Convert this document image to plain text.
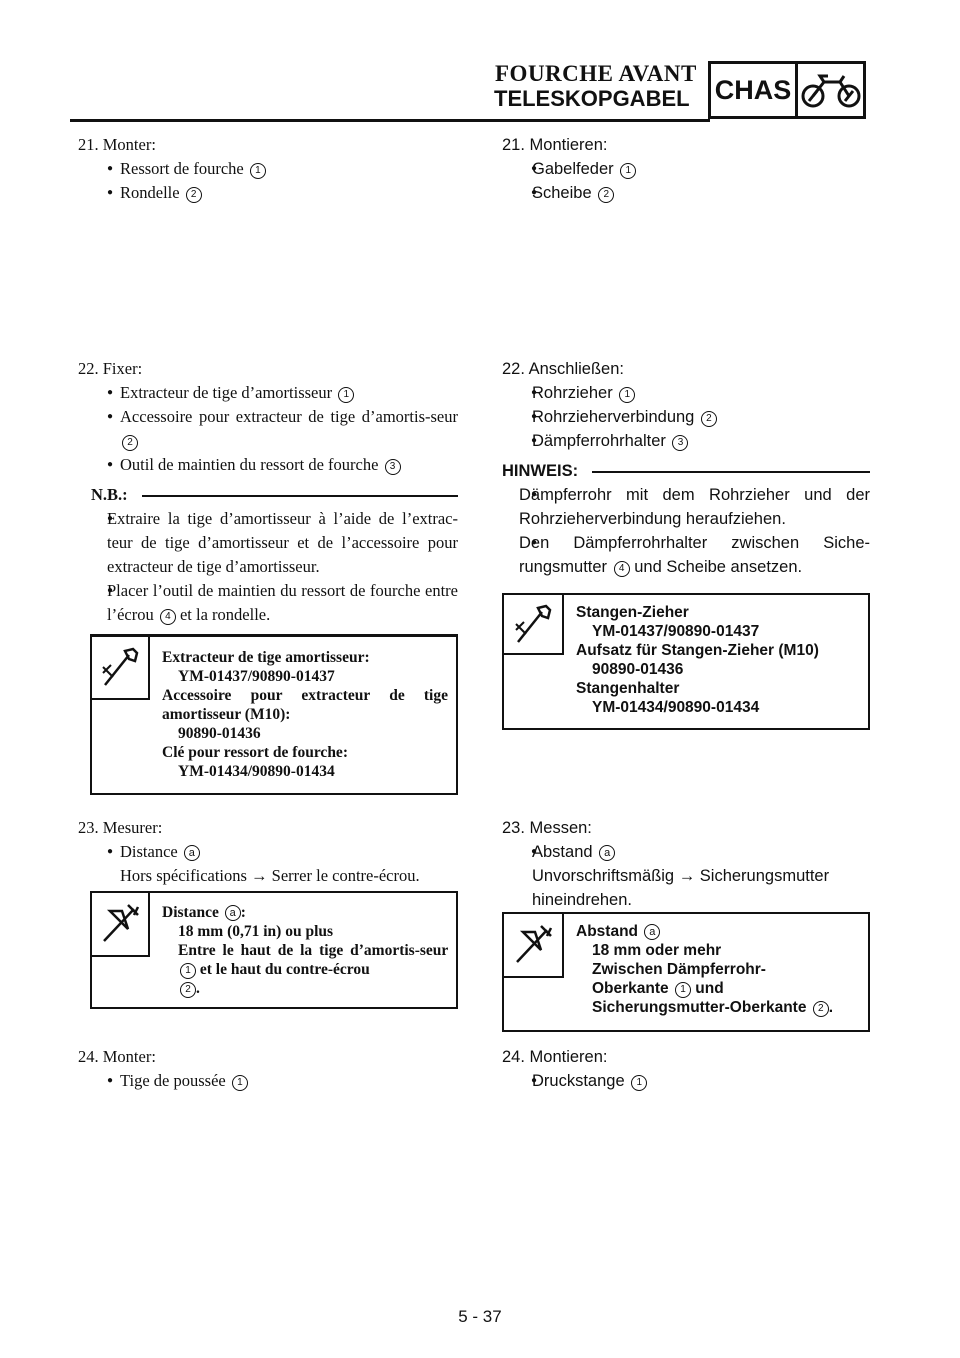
FOURCHE AVANT
TELESKOPGABEL CHAS

21. Monter:

● Ressort de fourche 1
● Rondelle 2

22. Fixer:

● Extracteur de tige d’amortisseur 1
● Accessoire pour extracteur de tige d’amortis-seur 2
● Outil de maintien du ressort de fourche 3
N.B.:
● Extraire la tige d’amortisseur à l’aide de l’extrac-teur de tige d’amortisseur et de l’accessoire pour extracteur de tige d’amortisseur.
● Placer l’outil de maintien du ressort de fourche entre l’écrou 4 et la rondelle.
Extracteur de tige amortisseur:
YM-01437/90890-01437
Accessoire pour extracteur de tige amortisseur (M10):
90890-01436
Clé pour ressort de fourche:
YM-01434/90890-01434

23. Mesurer:

● Distance a
Hors spécifications → Serrer le contre-écrou.
Distance a :
18 mm (0,71 in) ou plus
Entre le haut de la tige d’amortis-seur 1 et le haut du contre-écrou
2 .

24. Monter:

● Tige de poussée 1

21. Montieren:

● Gabelfeder 1
● Scheibe 2

22. Anschließen:

● Rohrzieher 1
● Rohrzieherverbindung 2
● Dämpferrohrhalter 3
HINWEIS:
● Dämpferrohr mit dem Rohrzieher und der Rohrzieherverbindung heraufziehen.
● Den Dämpferrohrhalter zwischen Siche-rungsmutter 4 und Scheibe ansetzen.
Stangen-Zieher
YM-01437/90890-01437
Aufsatz für Stangen-Zieher (M10)
90890-01436
Stangenhalter
YM-01434/90890-01434

23. Messen:

● Abstand a
Unvorschriftsmäßig → Sicherungsmutter hineindrehen.
Abstand a
18 mm oder mehr
Zwischen Dämpferrohr-
Oberkante 1 und
Sicherungsmutter-Oberkante 2 .

24. Montieren:

● Druckstange 1
5 - 37
